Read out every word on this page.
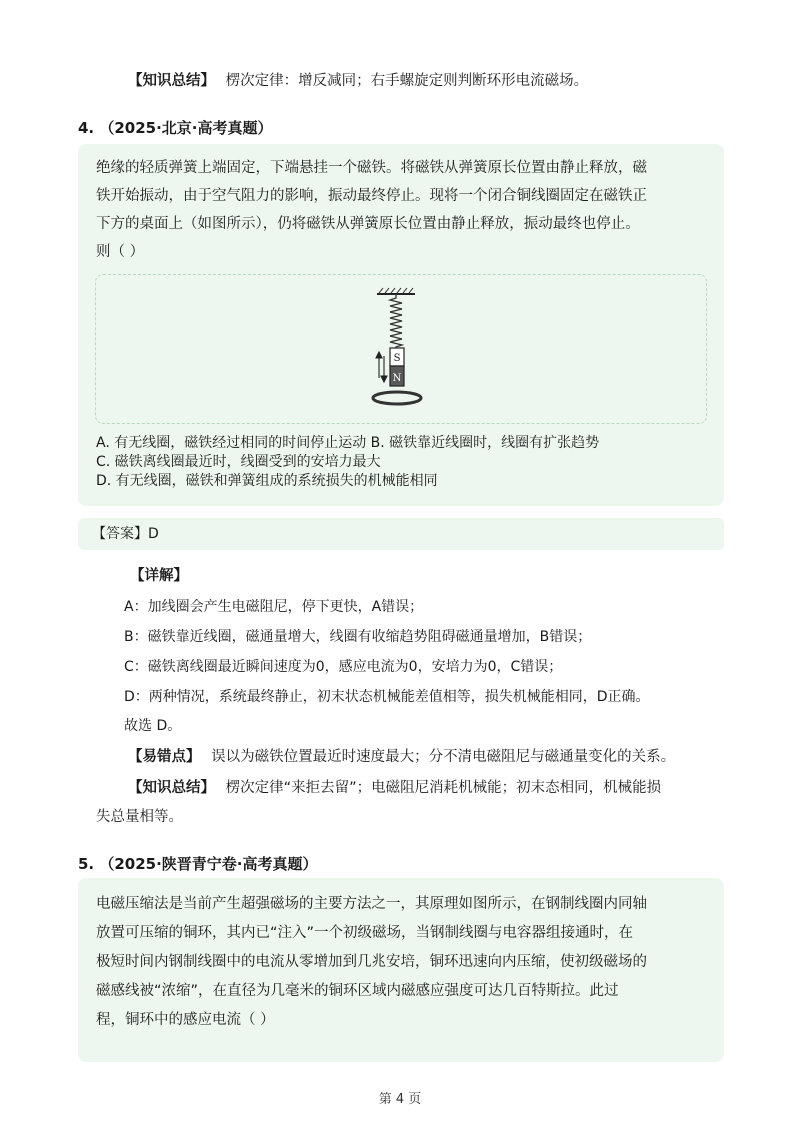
【知识总结】 楞次定律：增反减同；右手螺旋定则判断环形电流磁场。
4. （2025·北京·高考真题）
绝缘的轻质弹簧上端固定，下端悬挂一个磁铁。将磁铁从弹簧原长位置由静止释放，磁
铁开始振动，由于空气阻力的影响，振动最终停止。现将一个闭合铜线圈固定在磁铁正
下方的桌面上（如图所示），仍将磁铁从弹簧原长位置由静止释放，振动最终也停止。
则（ ）
S
N
A. 有无线圈，磁铁经过相同的时间停止运动 B. 磁铁靠近线圈时，线圈有扩张趋势
C. 磁铁离线圈最近时，线圈受到的安培力最大
D. 有无线圈，磁铁和弹簧组成的系统损失的机械能相同
【答案】D
【详解】
A：加线圈会产生电磁阻尼，停下更快，A错误；
B：磁铁靠近线圈，磁通量增大，线圈有收缩趋势阻碍磁通量增加，B错误；
C：磁铁离线圈最近瞬间速度为0，感应电流为0，安培力为0，C错误；
D：两种情况，系统最终静止，初末状态机械能差值相等，损失机械能相同，D正确。
故选 D。
【易错点】 误以为磁铁位置最近时速度最大；分不清电磁阻尼与磁通量变化的关系。
【知识总结】 楞次定律“来拒去留”；电磁阻尼消耗机械能；初末态相同，机械能损
失总量相等。
5. （2025·陕晋青宁卷·高考真题）
电磁压缩法是当前产生超强磁场的主要方法之一，其原理如图所示，在钢制线圈内同轴
放置可压缩的铜环，其内已“注入”一个初级磁场，当钢制线圈与电容器组接通时，在
极短时间内钢制线圈中的电流从零增加到几兆安培，铜环迅速向内压缩，使初级磁场的
磁感线被“浓缩”，在直径为几毫米的铜环区域内磁感应强度可达几百特斯拉。此过
程，铜环中的感应电流（ ）
第 4 页
